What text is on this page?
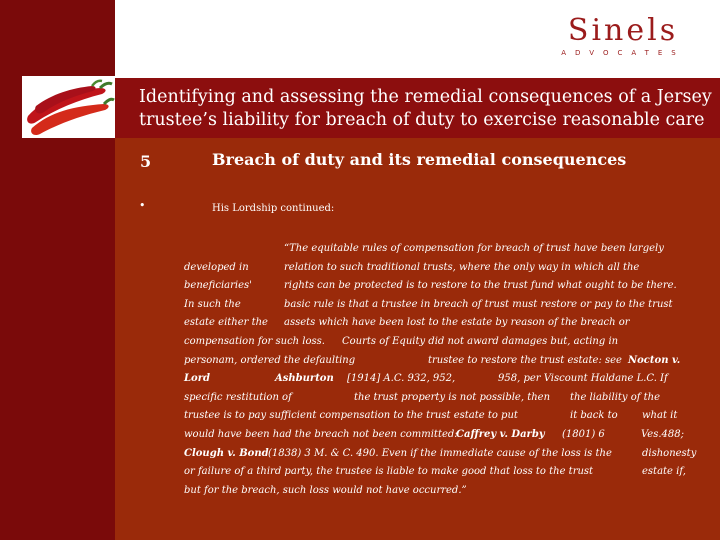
Sinels
ADVOCATES
Identifying and assessing the remedial consequences of a Jersey trustee’s liability for breach of duty to exercise reasonable care
5	Breach of duty and its remedial consequences
•	His Lordship continued:
“The equitable rules of compensation for breach of trust have been largely
developed in	relation to such traditional trusts, where the only way in which all the
beneficiaries'	rights can be protected is to restore to the trust fund what ought to be there.
In such the	basic rule is that a trustee in breach of trust must restore or pay to the trust
estate either the assets which have been lost to the estate by reason of the breach or
compensation for such loss. Courts of Equity did not award damages but, acting in
personam, ordered the defaulting	trustee to restore the trust estate: see Nocton v.
Lord	Ashburton [1914] A.C. 932, 952,	958, per Viscount Haldane L.C. If
specific restitution of	the trust property is not possible, then the liability of the
trustee is to pay sufficient compensation to the trust estate to put	it back to what it
would have been had the breach not been committed:
Caffrey v. Darby (1801) 6	Ves.488;
Clough v. Bond (1838) 3 M. & C. 490. Even if the immediate cause of the loss is the	dishonesty
or failure of a third party, the trustee is liable to make good that loss to the trust	estate if,
but for the breach, such loss would not have occurred.”
